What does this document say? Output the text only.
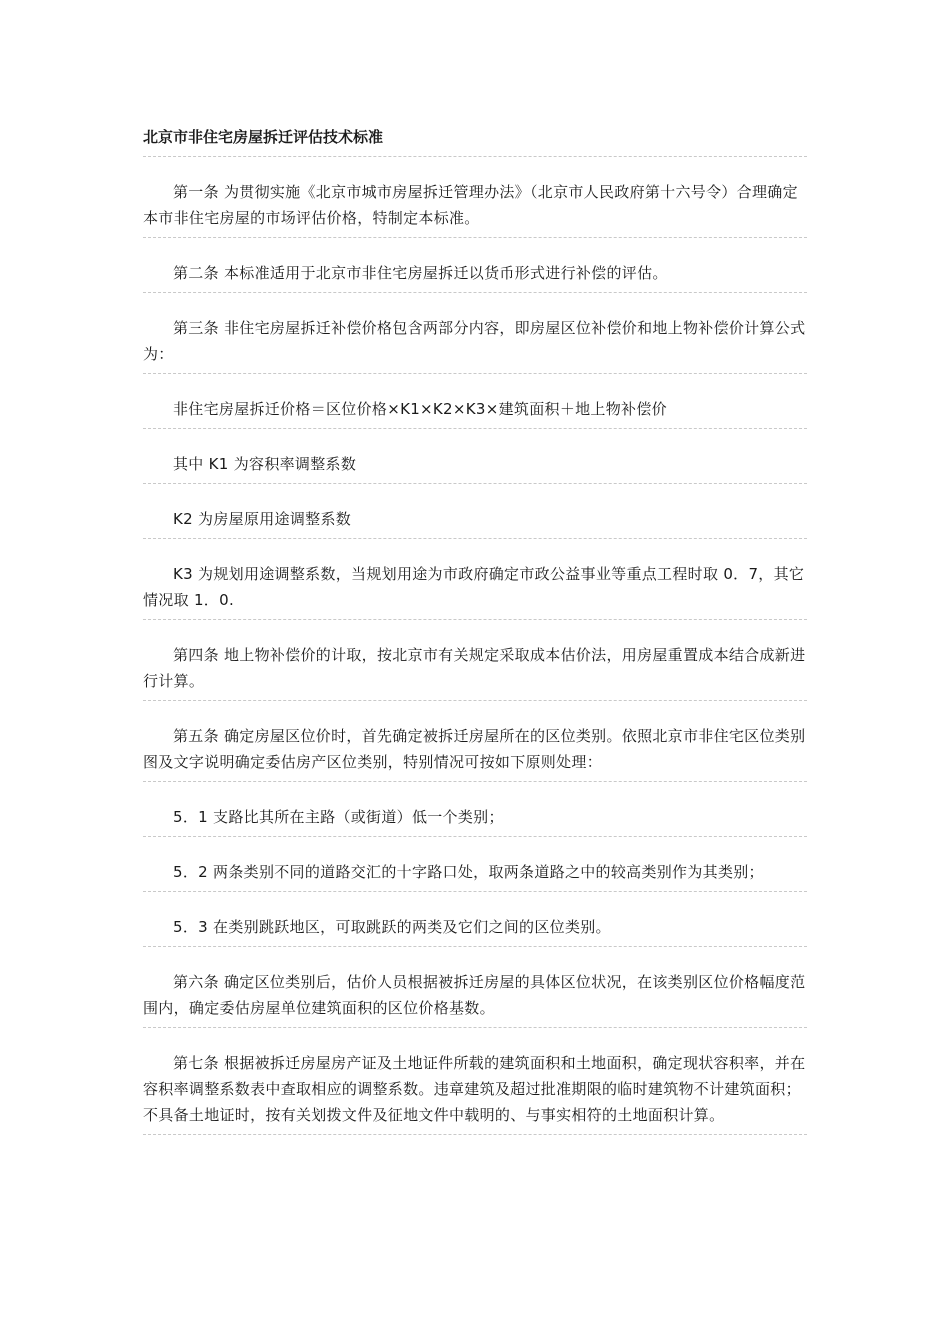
北京市非住宅房屋拆迁评估技术标准
第一条 为贯彻实施《北京市城市房屋拆迁管理办法》（北京市人民政府第十六号令）合理确定本市非住宅房屋的市场评估价格，特制定本标准。
第二条 本标准适用于北京市非住宅房屋拆迁以货币形式进行补偿的评估。
第三条 非住宅房屋拆迁补偿价格包含两部分内容，即房屋区位补偿价和地上物补偿价计算公式为：
非住宅房屋拆迁价格＝区位价格×K1×K2×K3×建筑面积＋地上物补偿价
其中 K1 为容积率调整系数
K2 为房屋原用途调整系数
K3 为规划用途调整系数，当规划用途为市政府确定市政公益事业等重点工程时取 0．7，其它情况取 1．0.
第四条 地上物补偿价的计取，按北京市有关规定采取成本估价法，用房屋重置成本结合成新进行计算。
第五条 确定房屋区位价时，首先确定被拆迁房屋所在的区位类别。依照北京市非住宅区位类别图及文字说明确定委估房产区位类别，特别情况可按如下原则处理：
5．1 支路比其所在主路（或街道）低一个类别；
5．2 两条类别不同的道路交汇的十字路口处，取两条道路之中的较高类别作为其类别；
5．3 在类别跳跃地区，可取跳跃的两类及它们之间的区位类别。
第六条 确定区位类别后，估价人员根据被拆迁房屋的具体区位状况，在该类别区位价格幅度范围内，确定委估房屋单位建筑面积的区位价格基数。
第七条 根据被拆迁房屋房产证及土地证件所载的建筑面积和土地面积，确定现状容积率，并在容积率调整系数表中查取相应的调整系数。违章建筑及超过批准期限的临时建筑物不计建筑面积；不具备土地证时，按有关划拨文件及征地文件中载明的、与事实相符的土地面积计算。
